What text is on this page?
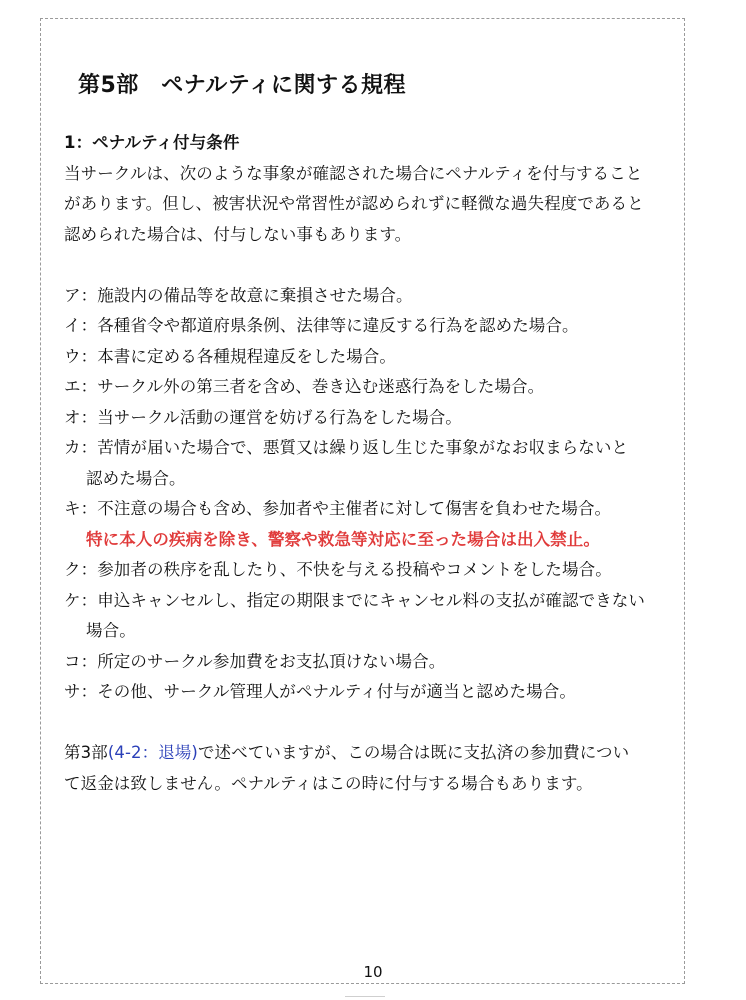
第5部　ペナルティに関する規程
1：ペナルティ付与条件

当サークルは、次のような事象が確認された場合にペナルティを付与すること
があります。但し、被害状況や常習性が認められずに軽微な過失程度であると
認められた場合は、付与しない事もあります。

ア：施設内の備品等を故意に棄損させた場合。
イ：各種省令や都道府県条例、法律等に違反する行為を認めた場合。
ウ：本書に定める各種規程違反をした場合。
エ：サークル外の第三者を含め、巻き込む迷惑行為をした場合。
オ：当サークル活動の運営を妨げる行為をした場合。
カ：苦情が届いた場合で、悪質又は繰り返し生じた事象がなお収まらないと
認めた場合。
キ：不注意の場合も含め、参加者や主催者に対して傷害を負わせた場合。
特に本人の疾病を除き、警察や救急等対応に至った場合は出入禁止。
ク：参加者の秩序を乱したり、不快を与える投稿やコメントをした場合。
ケ：申込キャンセルし、指定の期限までにキャンセル料の支払が確認できない
場合。
コ：所定のサークル参加費をお支払頂けない場合。
サ：その他、サークル管理人がペナルティ付与が適当と認めた場合。

第3部(4-2：退場)で述べていますが、この場合は既に支払済の参加費につい
て返金は致しません。ペナルティはこの時に付与する場合もあります。

10
